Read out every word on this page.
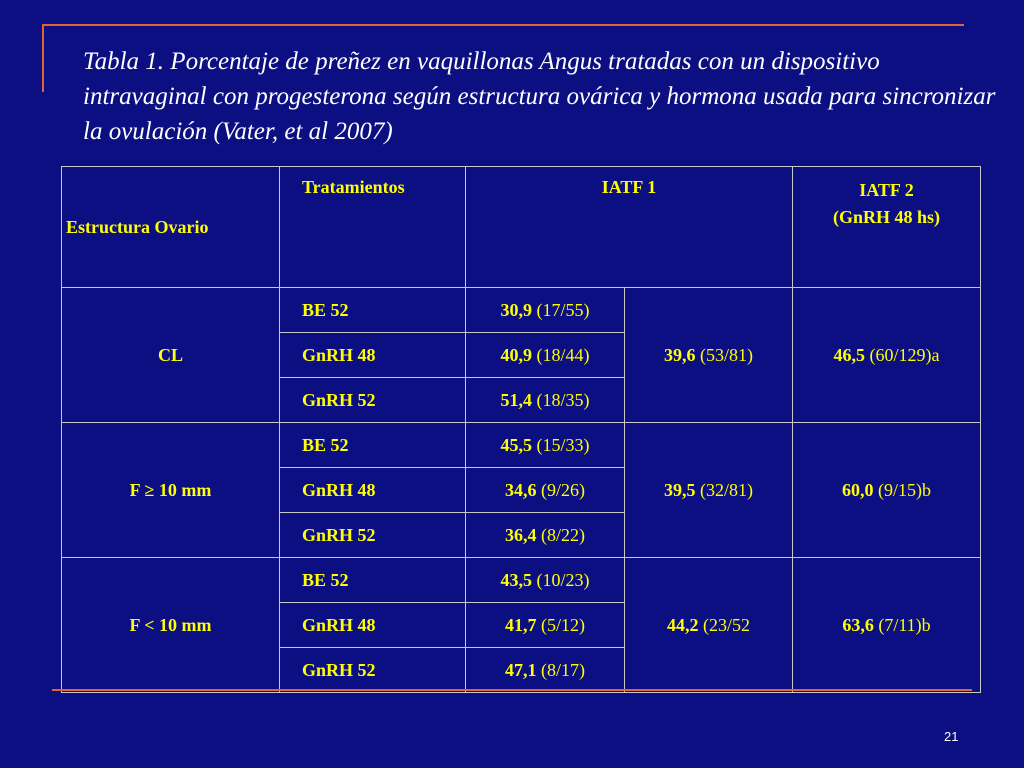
Tabla 1. Porcentaje de preñez en vaquillonas Angus tratadas con un dispositivo intravaginal con progesterona según estructura ovárica y hormona usada para sincronizar la ovulación (Vater, et al 2007)
Estructura Ovario	Tratamientos	IATF 1		IATF 2
(GnRH 48 hs)

CL	BE 52	30,9 (17/55)	39,6 (53/81)	46,5 (60/129)a
	GnRH 48	40,9 (18/44)		
	GnRH 52	51,4 (18/35)		
F ≥ 10 mm	BE 52	45,5 (15/33)	39,5 (32/81)	60,0 (9/15)b
	GnRH 48	34,6 (9/26)		
	GnRH 52	36,4 (8/22)		
F < 10 mm	BE 52	43,5 (10/23)	44,2 (23/52	63,6 (7/11)b
	GnRH 48	41,7 (5/12)		
	GnRH 52	47,1 (8/17)		
21
